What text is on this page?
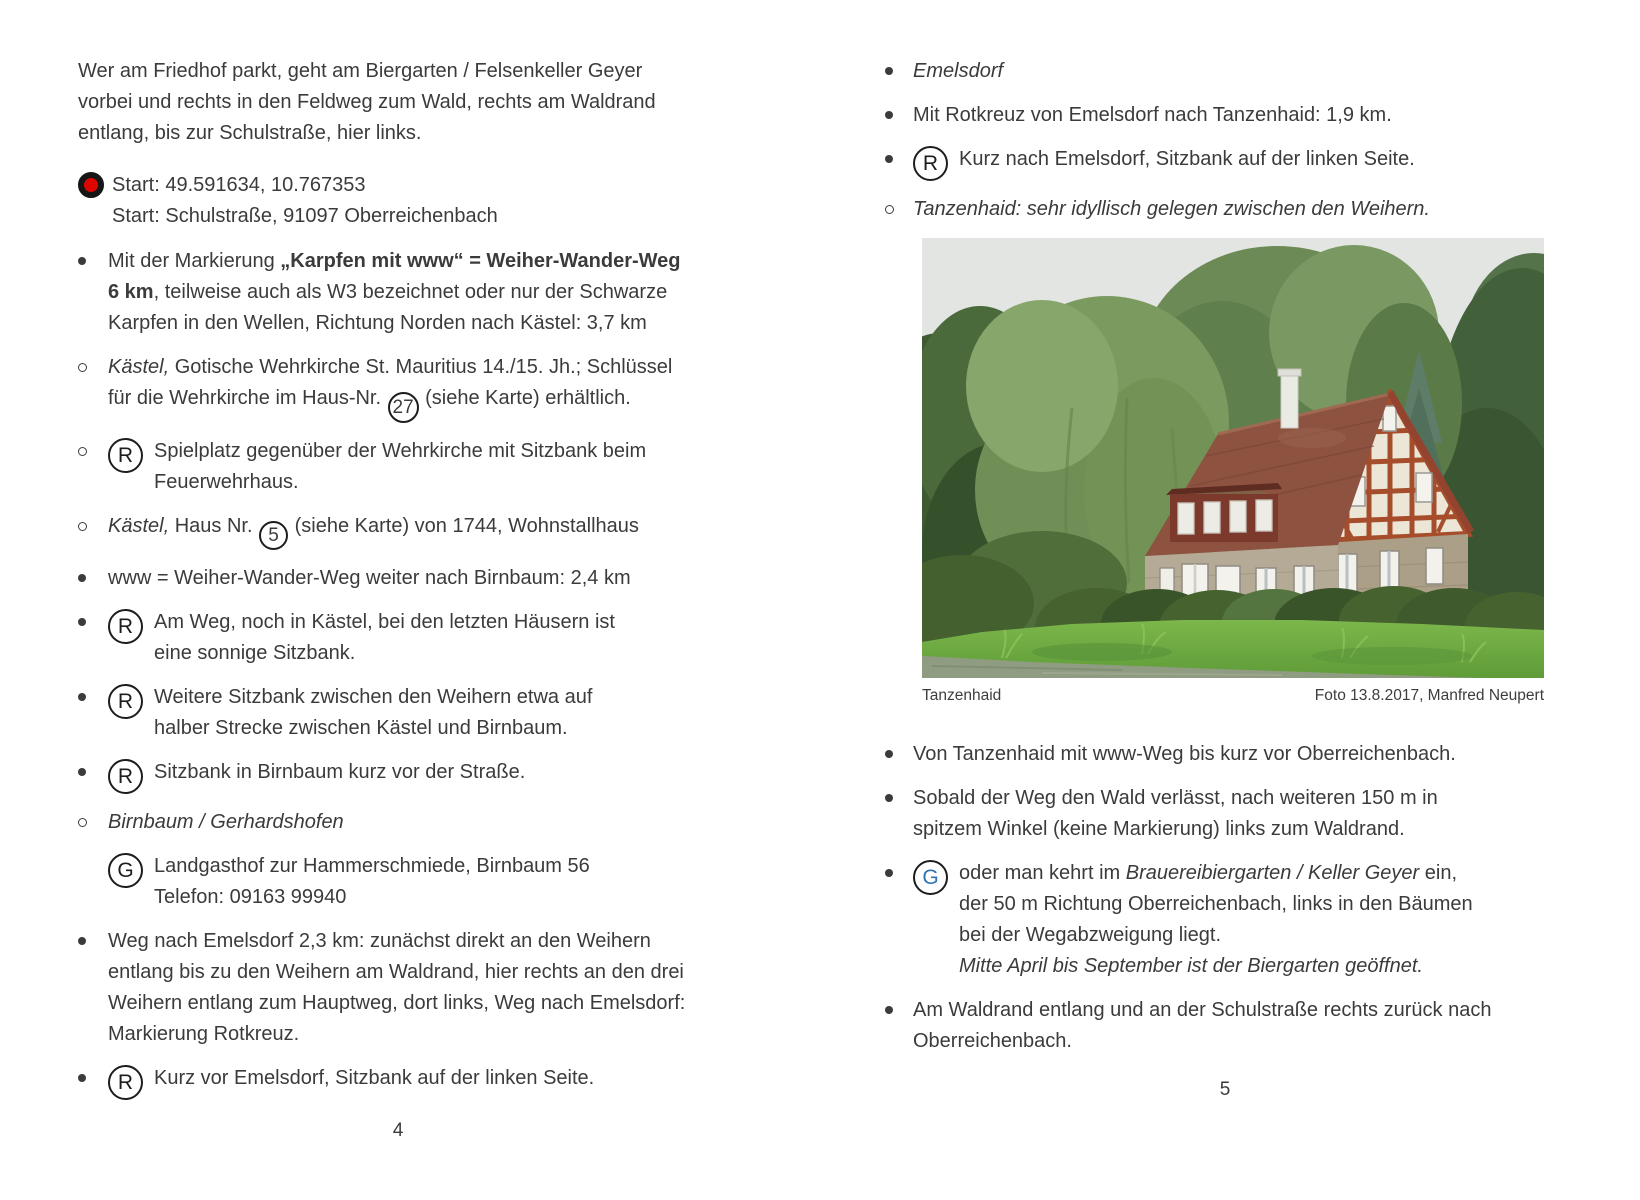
Wer am Friedhof parkt, geht am Biergarten / Felsenkeller Geyer
vorbei und rechts in den Feldweg zum Wald, rechts am Waldrand
entlang, bis zur Schulstraße, hier links.
Start: 49.591634, 10.767353
Start: Schulstraße, 91097 Oberreichenbach
Mit der Markierung „Karpfen mit www“ = Weiher-Wander-Weg
6 km, teilweise auch als W3 bezeichnet oder nur der Schwarze
Karpfen in den Wellen, Richtung Norden nach Kästel: 3,7 km
Kästel, Gotische Wehrkirche St. Mauritius 14./15. Jh.; Schlüssel
für die Wehrkirche im Haus-Nr. 27 (siehe Karte) erhältlich.
R Spielplatz gegenüber der Wehrkirche mit Sitzbank beim
Feuerwehrhaus.
Kästel, Haus Nr. 5 (siehe Karte) von 1744, Wohnstallhaus
www = Weiher-Wander-Weg weiter nach Birnbaum: 2,4 km
R Am Weg, noch in Kästel, bei den letzten Häusern ist
eine sonnige Sitzbank.
R Weitere Sitzbank zwischen den Weihern etwa auf
halber Strecke zwischen Kästel und Birnbaum.
R Sitzbank in Birnbaum kurz vor der Straße.
Birnbaum / Gerhardshofen
G Landgasthof zur Hammerschmiede, Birnbaum 56
Telefon: 09163 99940
Weg nach Emelsdorf 2,3 km: zunächst direkt an den Weihern
entlang bis zu den Weihern am Waldrand, hier rechts an den drei
Weihern entlang zum Hauptweg, dort links, Weg nach Emelsdorf:
Markierung Rotkreuz.
R Kurz vor Emelsdorf, Sitzbank auf der linken Seite.
4
Emelsdorf
Mit Rotkreuz von Emelsdorf nach Tanzenhaid: 1,9 km.
R Kurz nach Emelsdorf, Sitzbank auf der linken Seite.
Tanzenhaid: sehr idyllisch gelegen zwischen den Weihern.
Tanzenhaid	Foto 13.8.2017, Manfred Neupert
Von Tanzenhaid mit www-Weg bis kurz vor Oberreichenbach.
Sobald der Weg den Wald verlässt, nach weiteren 150 m in
spitzem Winkel (keine Markierung) links zum Waldrand.
G oder man kehrt im Brauereibiergarten / Keller Geyer ein,
der 50 m Richtung Oberreichenbach, links in den Bäumen
bei der Wegabzweigung liegt.
Mitte April bis September ist der Biergarten geöffnet.
Am Waldrand entlang und an der Schulstraße rechts zurück nach
Oberreichenbach.
5
